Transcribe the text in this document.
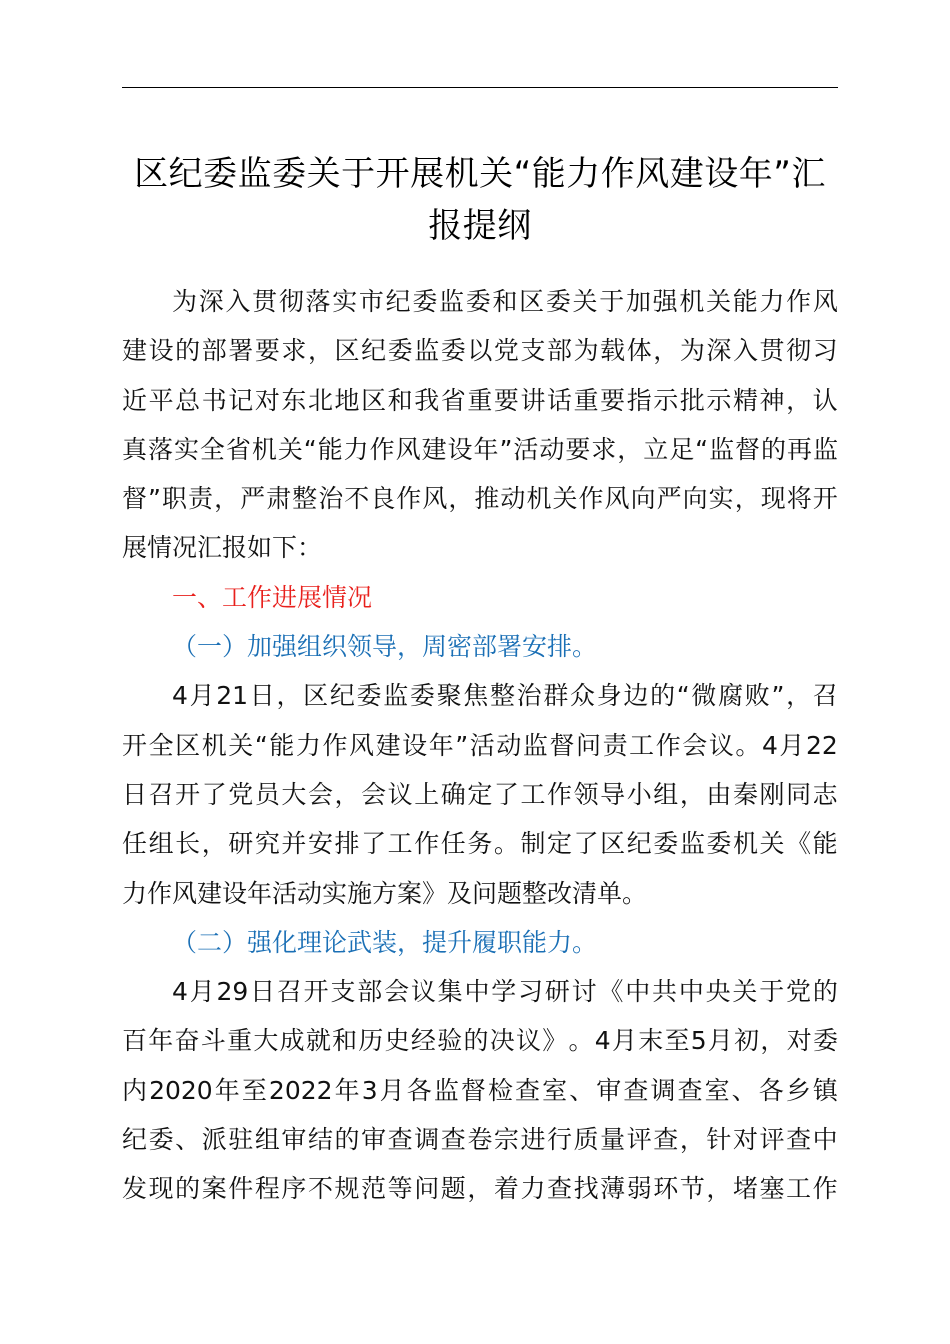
区纪委监委关于开展机关“能力作风建设年”汇
报提纲
为 深 入 贯 彻 落 实 市 纪 委 监 委 和 区 委 关 于 加 强 机 关 能 力 作 风
建 设 的 部 署 要 求 ， 区 纪 委 监 委 以 党 支 部 为 载 体 ， 为 深 入 贯 彻 习
近 平 总 书 记 对 东 北 地 区 和 我 省 重 要 讲 话 重 要 指 示 批 示 精 神 ， 认
真 落 实 全 省 机 关 “ 能 力 作 风 建 设 年 ” 活 动 要 求 ， 立 足 “ 监 督 的 再 监
督 ” 职 责 ， 严 肃 整 治 不 良 作 风 ， 推 动 机 关 作 风 向 严 向 实 ， 现 将 开
展情况汇报如下：
一、工作进展情况
（一）加强组织领导，周密部署安排。
4 月 21 日 ， 区 纪 委 监 委 聚 焦 整 治 群 众 身 边 的 “ 微 腐 败 ” ， 召
开 全 区 机 关 “ 能 力 作 风 建 设 年 ” 活 动 监 督 问 责 工 作 会 议 。 4 月 22
日 召 开 了 党 员 大 会 ， 会 议 上 确 定 了 工 作 领 导 小 组 ， 由 秦 刚 同 志
任 组 长 ， 研 究 并 安 排 了 工 作 任 务 。 制 定 了 区 纪 委 监 委 机 关 《 能
力作风建设年活动实施方案》及问题整改清单。
（二）强化理论武装，提升履职能力。
4 月 29 日 召 开 支 部 会 议 集 中 学 习 研 讨 《 中 共 中 央 关 于 党 的
百 年 奋 斗 重 大 成 就 和 历 史 经 验 的 决 议 》 。 4 月 末 至 5 月 初 ， 对 委
内 2020 年 至 2022 年 3 月 各 监 督 检 查 室 、 审 查 调 查 室 、 各 乡 镇
纪 委 、 派 驻 组 审 结 的 审 查 调 查 卷 宗 进 行 质 量 评 查 ， 针 对 评 查 中
发 现 的 案 件 程 序 不 规 范 等 问 题 ， 着 力 查 找 薄 弱 环 节 ， 堵 塞 工 作
